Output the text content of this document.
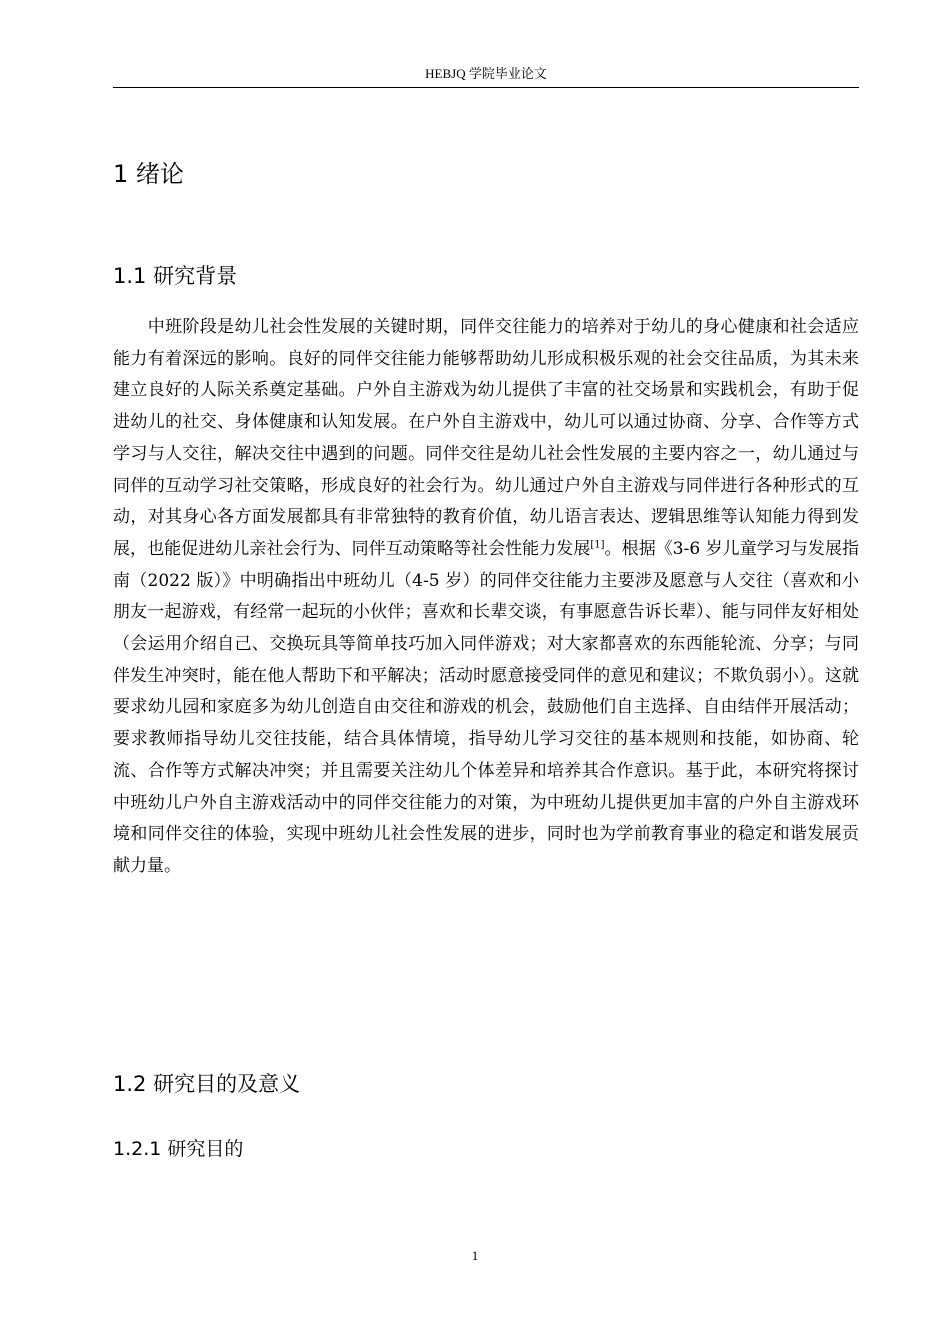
HEBJQ 学院毕业论文
1 绪论
1.1 研究背景
　　中班阶段是幼儿社会性发展的关键时期，同伴交往能力的培养对于幼儿的身心健康和社会适应能力有着深远的影响。良好的同伴交往能力能够帮助幼儿形成积极乐观的社会交往品质，为其未来建立良好的人际关系奠定基础。户外自主游戏为幼儿提供了丰富的社交场景和实践机会，有助于促进幼儿的社交、身体健康和认知发展。在户外自主游戏中，幼儿可以通过协商、分享、合作等方式学习与人交往，解决交往中遇到的问题。同伴交往是幼儿社会性发展的主要内容之一，幼儿通过与同伴的互动学习社交策略，形成良好的社会行为。幼儿通过户外自主游戏与同伴进行各种形式的互动，对其身心各方面发展都具有非常独特的教育价值，幼儿语言表达、逻辑思维等认知能力得到发展，也能促进幼儿亲社会行为、同伴互动策略等社会性能力发展[1]。根据《3-6 岁儿童学习与发展指南（2022 版）》中明确指出中班幼儿（4-5 岁）的同伴交往能力主要涉及愿意与人交往（喜欢和小朋友一起游戏，有经常一起玩的小伙伴；喜欢和长辈交谈，有事愿意告诉长辈）、能与同伴友好相处（会运用介绍自己、交换玩具等简单技巧加入同伴游戏；对大家都喜欢的东西能轮流、分享；与同伴发生冲突时，能在他人帮助下和平解决；活动时愿意接受同伴的意见和建议；不欺负弱小）。这就要求幼儿园和家庭多为幼儿创造自由交往和游戏的机会，鼓励他们自主选择、自由结伴开展活动；要求教师指导幼儿交往技能，结合具体情境，指导幼儿学习交往的基本规则和技能，如协商、轮流、合作等方式解决冲突；并且需要关注幼儿个体差异和培养其合作意识。基于此，本研究将探讨中班幼儿户外自主游戏活动中的同伴交往能力的对策，为中班幼儿提供更加丰富的户外自主游戏环境和同伴交往的体验，实现中班幼儿社会性发展的进步，同时也为学前教育事业的稳定和谐发展贡献力量。
1.2 研究目的及意义
1.2.1 研究目的
1
